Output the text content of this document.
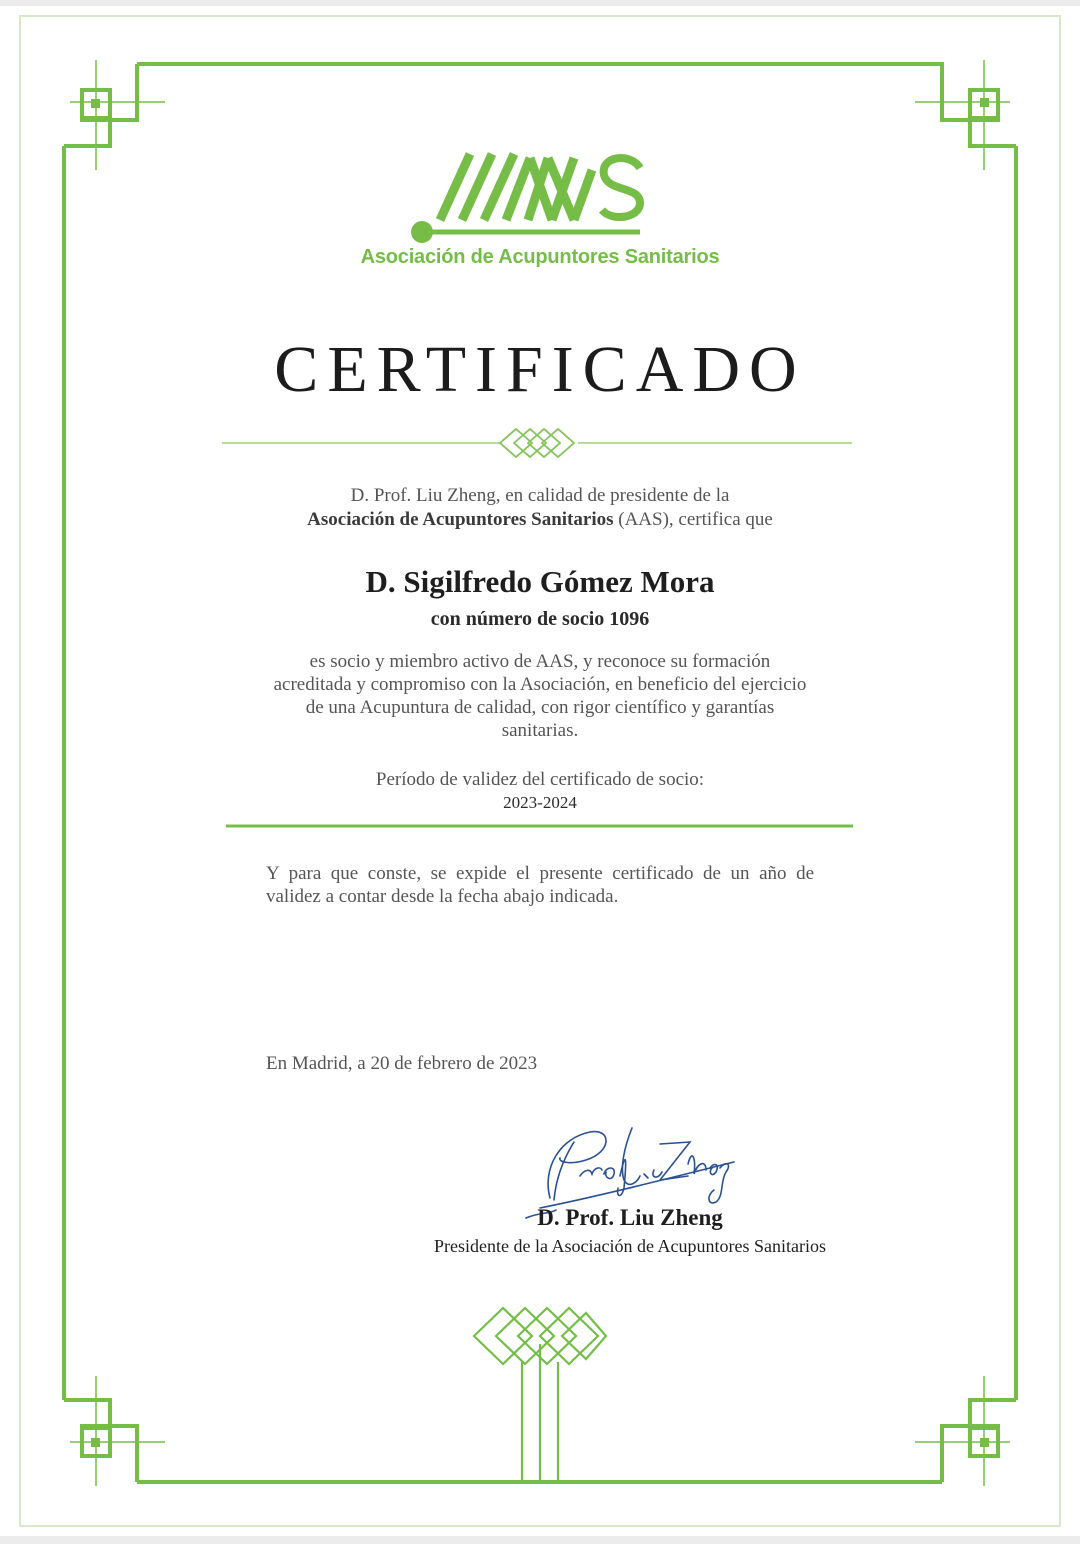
Asociación de Acupuntores Sanitarios
CERTIFICADO
D. Prof. Liu Zheng, en calidad de presidente de la
Asociación de Acupuntores Sanitarios (AAS), certifica que
D. Sigilfredo Gómez Mora
con número de socio 1096
es socio y miembro activo de AAS, y reconoce su formación acreditada y compromiso con la Asociación, en beneficio del ejercicio de una Acupuntura de calidad, con rigor científico y garantías sanitarias.
Período de validez del certificado de socio:
2023-2024
Y para que conste, se expide el presente certificado de un año de validez a contar desde la fecha abajo indicada.
En Madrid, a 20 de febrero de 2023
D. Prof. Liu Zheng
Presidente de la Asociación de Acupuntores Sanitarios
